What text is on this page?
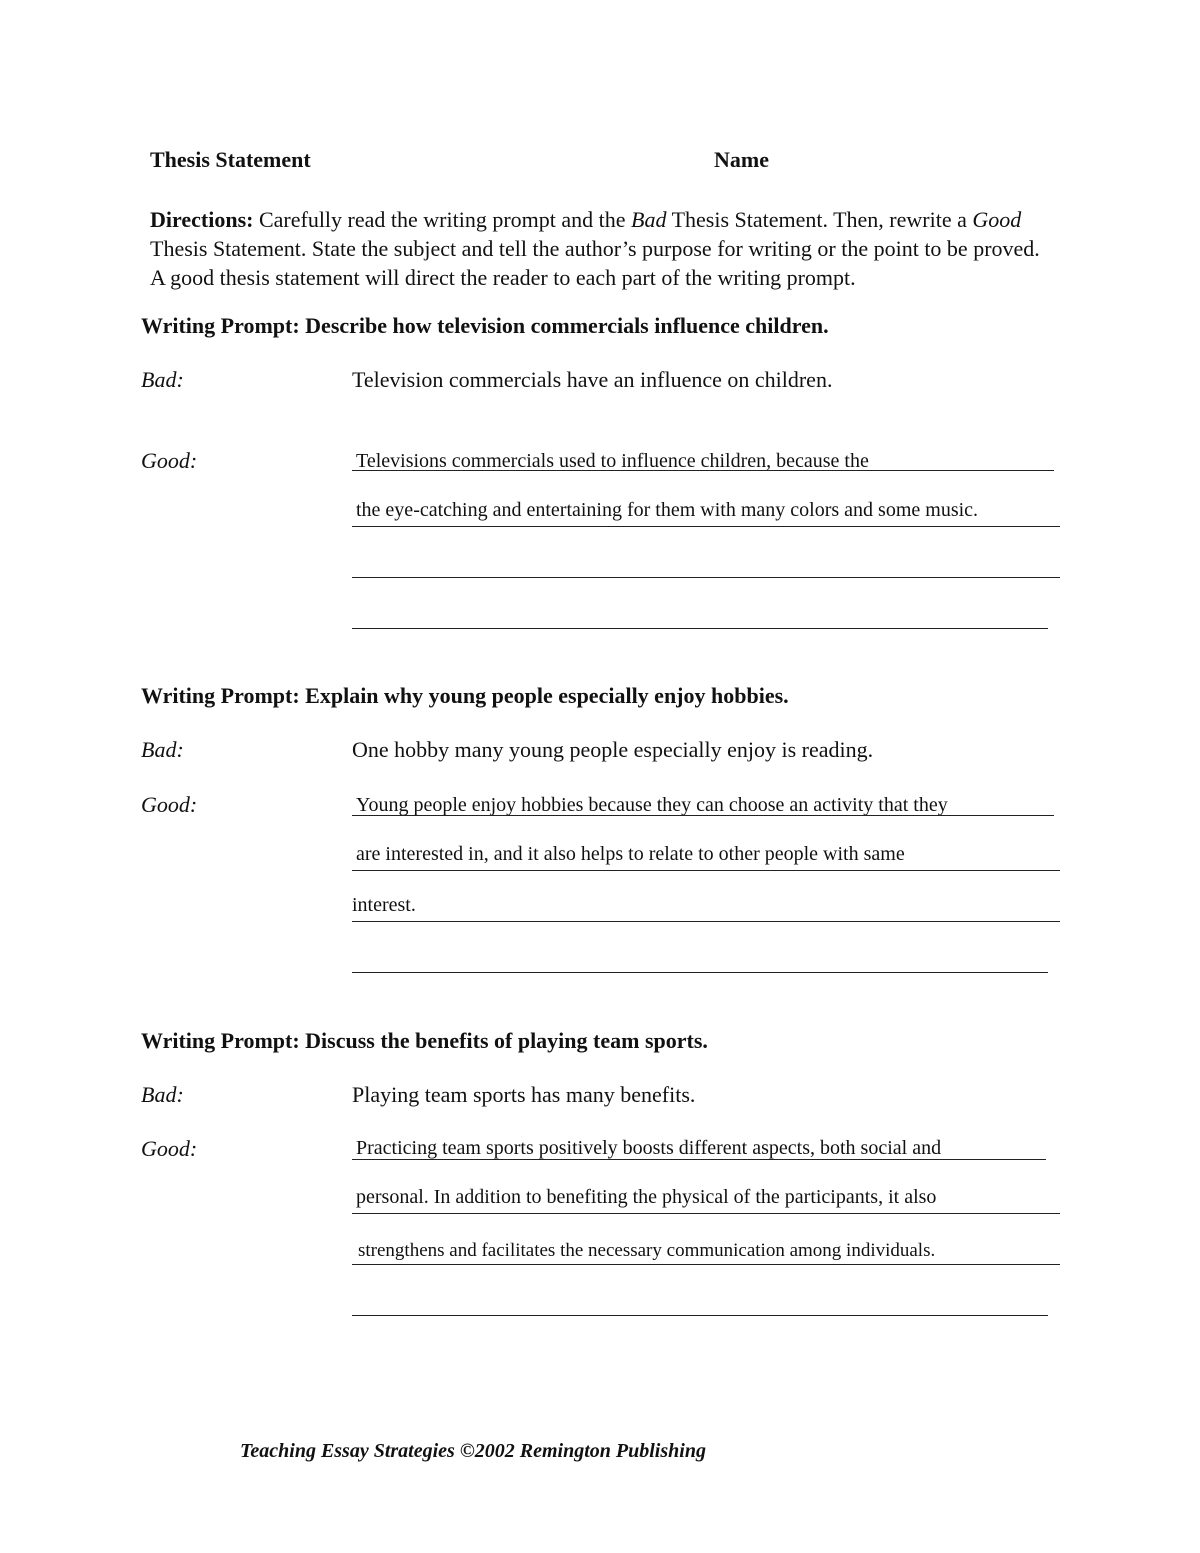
Thesis Statement	Name
Directions: Carefully read the writing prompt and the Bad Thesis Statement. Then, rewrite a Good Thesis Statement. State the subject and tell the author’s purpose for writing or the point to be proved. A good thesis statement will direct the reader to each part of the writing prompt.
Writing Prompt: Describe how television commercials influence children.
Bad:	Television commercials have an influence on children.
Good:	Televisions commercials used to influence children, because the
the eye-catching and entertaining for them with many colors and some music.
Writing Prompt: Explain why young people especially enjoy hobbies.
Bad:	One hobby many young people especially enjoy is reading.
Good:	Young people enjoy hobbies because they can choose an activity that they
are interested in, and it also helps to relate to other people with same
interest.
Writing Prompt: Discuss the benefits of playing team sports.
Bad:	Playing team sports has many benefits.
Good:	Practicing team sports positively boosts different aspects, both social and
personal. In addition to benefiting the physical of the participants, it also
strengthens and facilitates the necessary communication among individuals.
Teaching Essay Strategies ©2002 Remington Publishing
